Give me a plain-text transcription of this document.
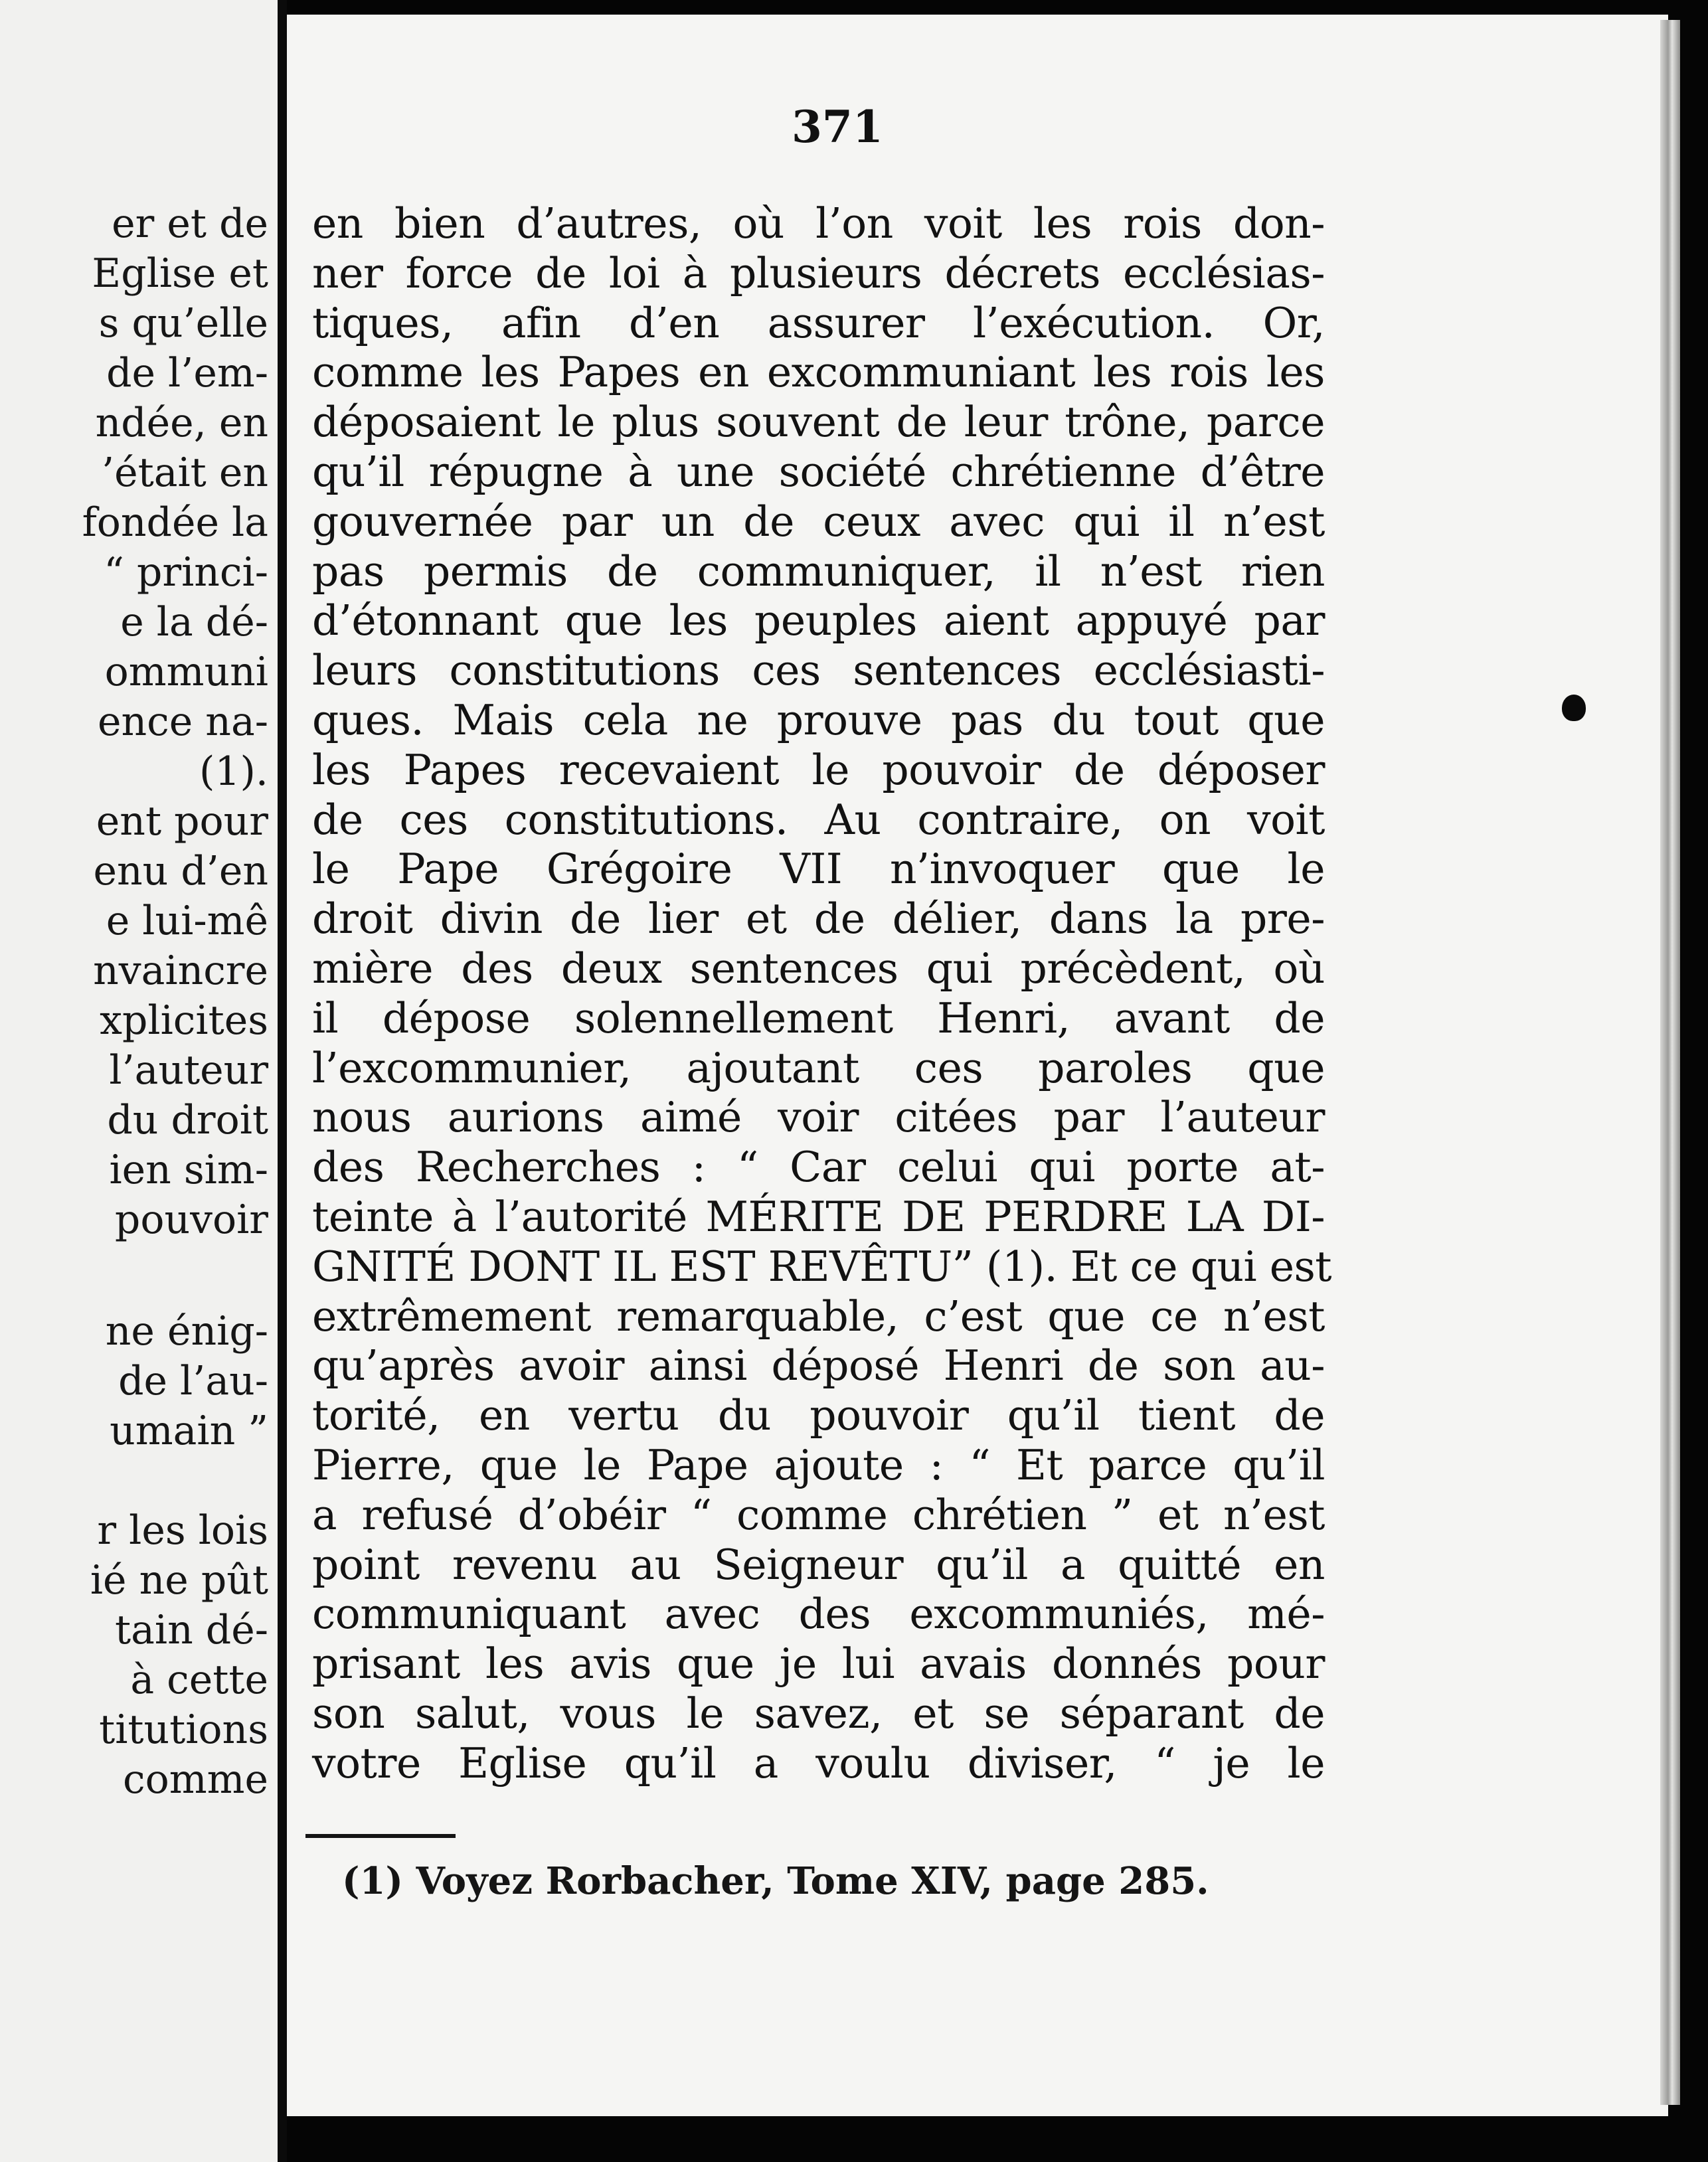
er et de
Eglise et
s qu’elle
de l’em-
ndée, en
’était en
fondée la
“ princi-
e la dé-
ommuni
ence na-
(1).
ent pour
enu d’en
e lui-mê
nvaincre
xplicites
l’auteur
du droit
ien sim-
pouvoir
ne énig-
de l’au-
umain ”
r les lois
ié ne pût
tain dé-
à cette
titutions
comme
371
en bien d’autres, où l’on voit les rois don-
ner force de loi à plusieurs décrets ecclésias-
tiques, afin d’en assurer l’exécution. Or,
comme les Papes en excommuniant les rois les
déposaient le plus souvent de leur trône, parce
qu’il répugne à une société chrétienne d’être
gouvernée par un de ceux avec qui il n’est
pas permis de communiquer, il n’est rien
d’étonnant que les peuples aient appuyé par
leurs constitutions ces sentences ecclésiasti-
ques. Mais cela ne prouve pas du tout que
les Papes recevaient le pouvoir de déposer
de ces constitutions. Au contraire, on voit
le Pape Grégoire VII n’invoquer que le
droit divin de lier et de délier, dans la pre-
mière des deux sentences qui précèdent, où
il dépose solennellement Henri, avant de
l’excommunier, ajoutant ces paroles que
nous aurions aimé voir citées par l’auteur
des Recherches : “ Car celui qui porte at-
teinte à l’autorité MÉRITE DE PERDRE LA DI-
GNITÉ DONT IL EST REVÊTU” (1). Et ce qui est
extrêmement remarquable, c’est que ce n’est
qu’après avoir ainsi déposé Henri de son au-
torité, en vertu du pouvoir qu’il tient de
Pierre, que le Pape ajoute : “ Et parce qu’il
a refusé d’obéir “ comme chrétien ” et n’est
point revenu au Seigneur qu’il a quitté en
communiquant avec des excommuniés, mé-
prisant les avis que je lui avais donnés pour
son salut, vous le savez, et se séparant de
votre Eglise qu’il a voulu diviser, “ je le
(1) Voyez Rorbacher, Tome XIV, page 285.
